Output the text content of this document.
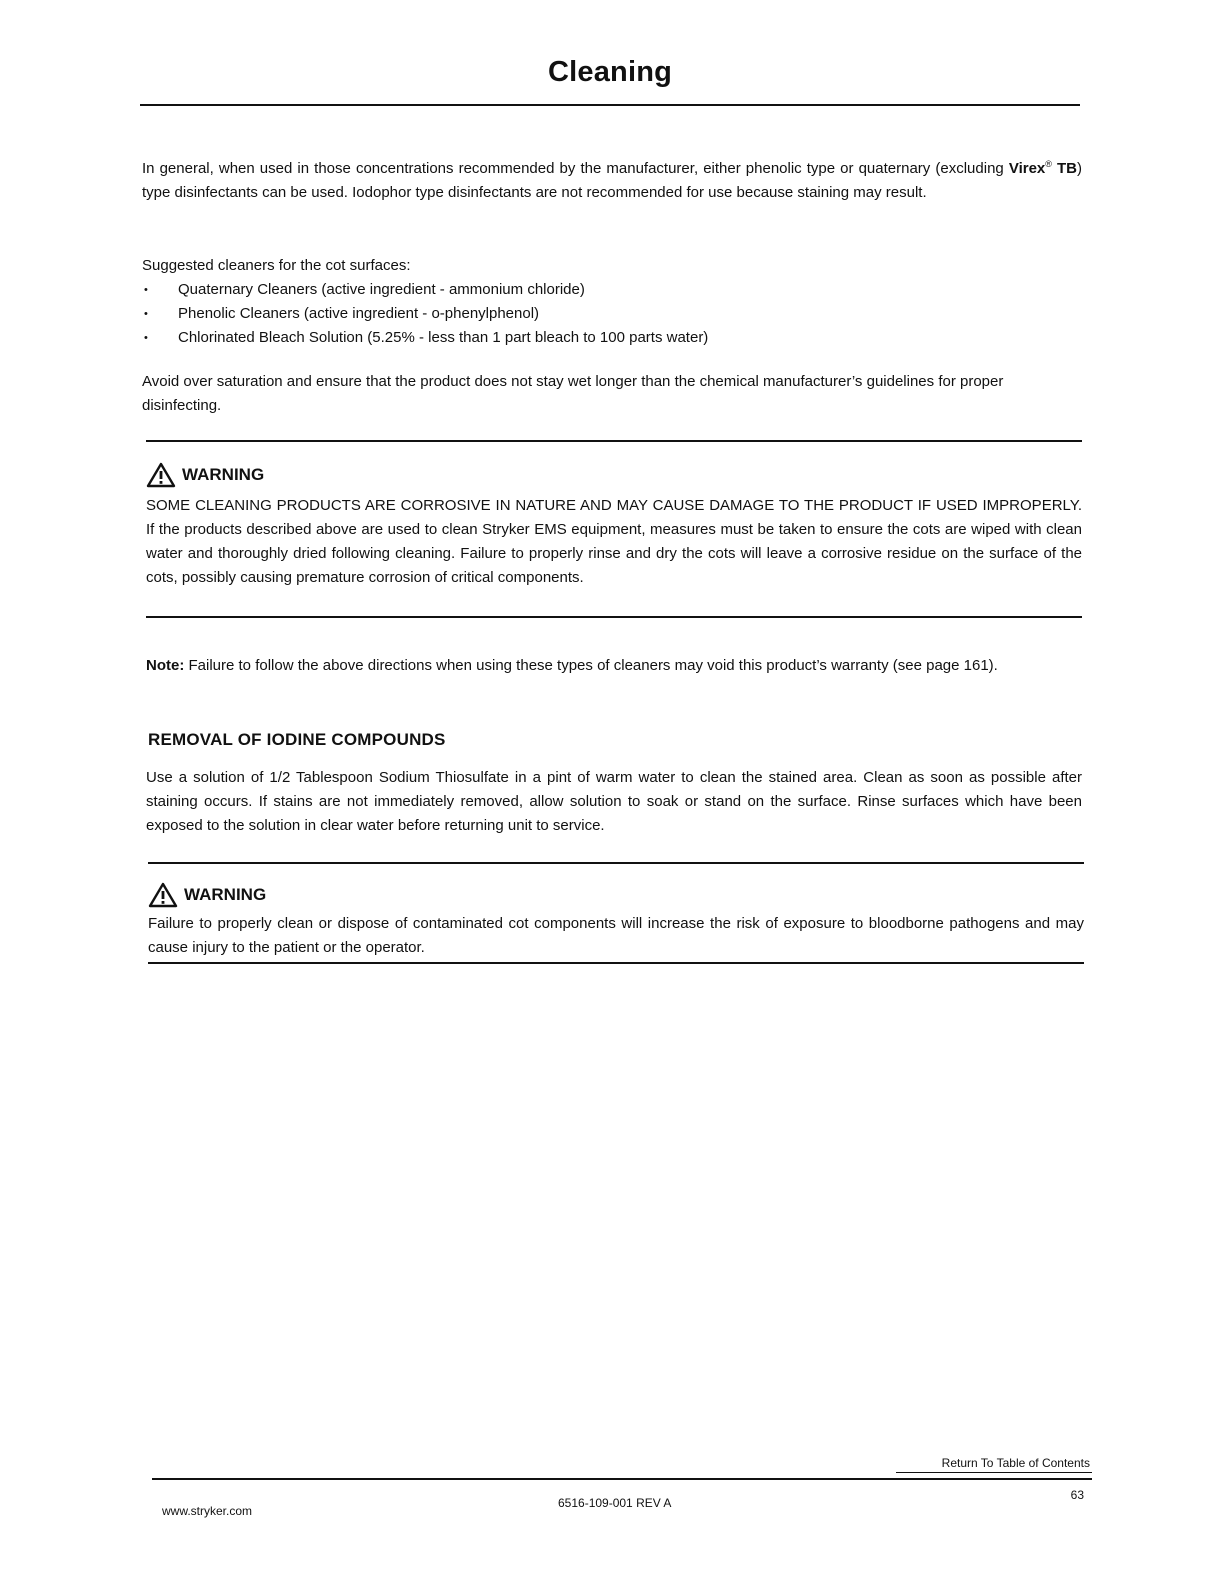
Cleaning
In general, when used in those concentrations recommended by the manufacturer, either phenolic type or quaternary (excluding Virex® TB) type disinfectants can be used. Iodophor type disinfectants are not recommended for use because staining may result.
Suggested cleaners for the cot surfaces:
• Quaternary Cleaners (active ingredient - ammonium chloride)
• Phenolic Cleaners (active ingredient - o-phenylphenol)
• Chlorinated Bleach Solution (5.25% - less than 1 part bleach to 100 parts water)
Avoid over saturation and ensure that the product does not stay wet longer than the chemical manufacturer’s guidelines for proper disinfecting.
WARNING
SOME CLEANING PRODUCTS ARE CORROSIVE IN NATURE AND MAY CAUSE DAMAGE TO THE PRODUCT IF USED IMPROPERLY. If the products described above are used to clean Stryker EMS equipment, measures must be taken to ensure the cots are wiped with clean water and thoroughly dried following cleaning. Failure to properly rinse and dry the cots will leave a corrosive residue on the surface of the cots, possibly causing premature corrosion of critical components.
Note: Failure to follow the above directions when using these types of cleaners may void this product’s warranty (see page 161).
REMOVAL OF IODINE COMPOUNDS
Use a solution of 1/2 Tablespoon Sodium Thiosulfate in a pint of warm water to clean the stained area. Clean as soon as possible after staining occurs. If stains are not immediately removed, allow solution to soak or stand on the surface. Rinse surfaces which have been exposed to the solution in clear water before returning unit to service.
WARNING
Failure to properly clean or dispose of contaminated cot components will increase the risk of exposure to bloodborne pathogens and may cause injury to the patient or the operator.
Return To Table of Contents
63
www.stryker.com
6516-109-001 REV A
